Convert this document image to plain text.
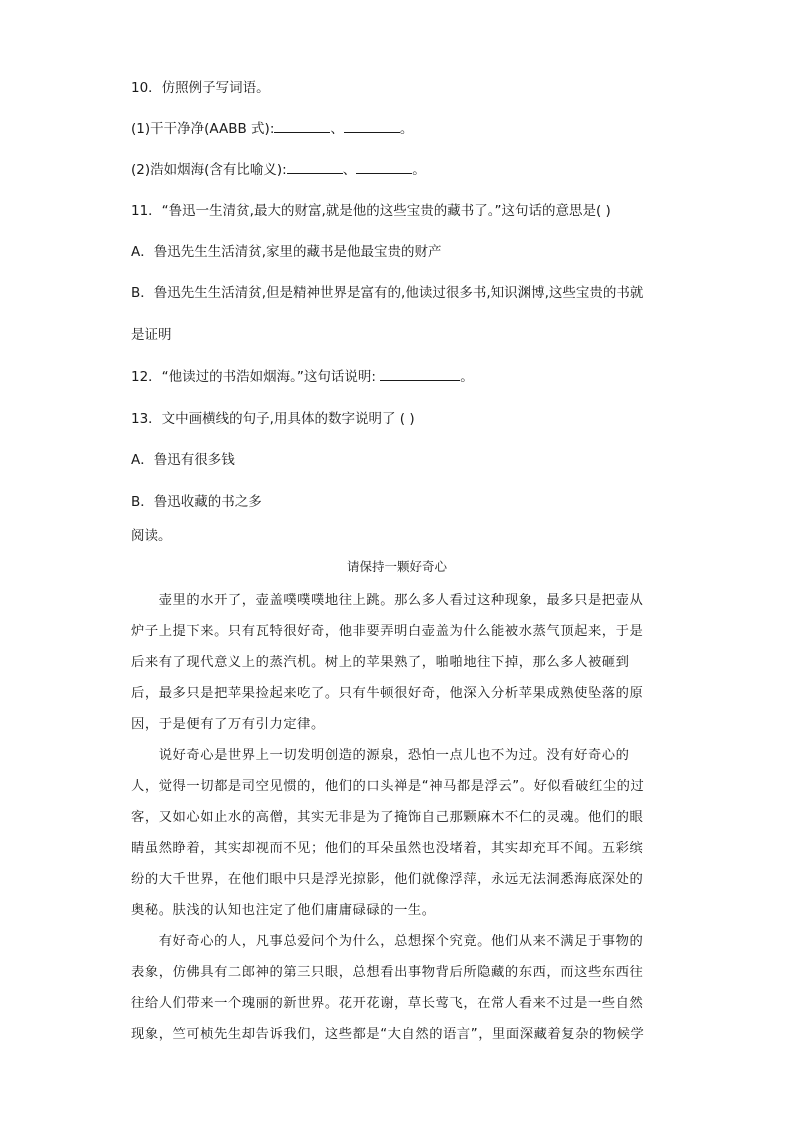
10．仿照例子写词语。
(1)干干净净(AABB 式):	、	。
(2)浩如烟海(含有比喻义):	、	。
11．“鲁迅一生清贫,最大的财富,就是他的这些宝贵的藏书了。”这句话的意思是( )
A．鲁迅先生生活清贫,家里的藏书是他最宝贵的财产
B．鲁迅先生生活清贫,但是精神世界是富有的,他读过很多书,知识渊博,这些宝贵的书就
是证明
12．“他读过的书浩如烟海。”这句话说明:	。
13．文中画横线的句子,用具体的数字说明了 ( )
A．鲁迅有很多钱
B．鲁迅收藏的书之多
阅读。
请保持一颗好奇心
　　壶里的水开了，壶盖噗噗噗地往上跳。那么多人看过这种现象，最多只是把壶从
炉子上提下来。只有瓦特很好奇，他非要弄明白壶盖为什么能被水蒸气顶起来，于是
后来有了现代意义上的蒸汽机。树上的苹果熟了，啪啪地往下掉，那么多人被砸到
后，最多只是把苹果捡起来吃了。只有牛顿很好奇，他深入分析苹果成熟使坠落的原
因，于是便有了万有引力定律。
　　说好奇心是世界上一切发明创造的源泉，恐怕一点儿也不为过。没有好奇心的
人，觉得一切都是司空见惯的，他们的口头禅是“神马都是浮云”。好似看破红尘的过
客，又如心如止水的高僧，其实无非是为了掩饰自己那颗麻木不仁的灵魂。他们的眼
睛虽然睁着，其实却视而不见；他们的耳朵虽然也没堵着，其实却充耳不闻。五彩缤
纷的大千世界，在他们眼中只是浮光掠影，他们就像浮萍，永远无法洞悉海底深处的
奥秘。肤浅的认知也注定了他们庸庸碌碌的一生。
　　有好奇心的人，凡事总爱问个为什么，总想探个究竟。他们从来不满足于事物的
表象，仿佛具有二郎神的第三只眼，总想看出事物背后所隐藏的东西，而这些东西往
往给人们带来一个瑰丽的新世界。花开花谢，草长莺飞，在常人看来不过是一些自然
现象，竺可桢先生却告诉我们，这些都是“大自然的语言”，里面深藏着复杂的物候学
